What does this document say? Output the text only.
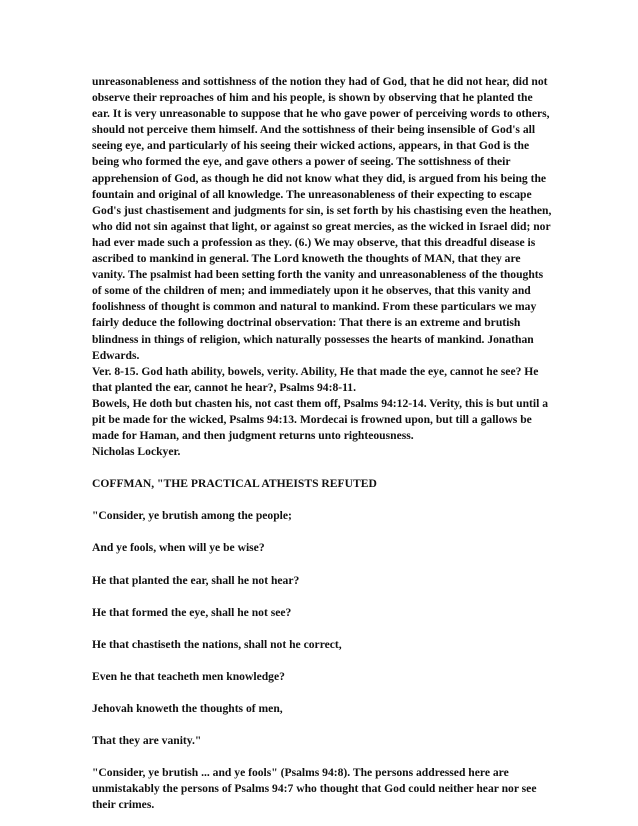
unreasonableness and sottishness of the notion they had of God, that he did not hear, did not observe their reproaches of him and his people, is shown by observing that he planted the ear. It is very unreasonable to suppose that he who gave power of perceiving words to others, should not perceive them himself. And the sottishness of their being insensible of God's all seeing eye, and particularly of his seeing their wicked actions, appears, in that God is the being who formed the eye, and gave others a power of seeing. The sottishness of their apprehension of God, as though he did not know what they did, is argued from his being the fountain and original of all knowledge. The unreasonableness of their expecting to escape God's just chastisement and judgments for sin, is set forth by his chastising even the heathen, who did not sin against that light, or against so great mercies, as the wicked in Israel did; nor had ever made such a profession as they. (6.) We may observe, that this dreadful disease is ascribed to mankind in general. The Lord knoweth the thoughts of MAN, that they are vanity. The psalmist had been setting forth the vanity and unreasonableness of the thoughts of some of the children of men; and immediately upon it he observes, that this vanity and foolishness of thought is common and natural to mankind. From these particulars we may fairly deduce the following doctrinal observation: That there is an extreme and brutish blindness in things of religion, which naturally possesses the hearts of mankind. Jonathan Edwards.

Ver. 8-15. God hath ability, bowels, verity. Ability, He that made the eye, cannot he see? He that planted the ear, cannot he hear?, Psalms 94:8-11.

Bowels, He doth but chasten his, not cast them off, Psalms 94:12-14. Verity, this is but until a pit be made for the wicked, Psalms 94:13. Mordecai is frowned upon, but till a gallows be made for Haman, and then judgment returns unto righteousness.

Nicholas Lockyer.

COFFMAN, "THE PRACTICAL ATHEISTS REFUTED

"Consider, ye brutish among the people;

And ye fools, when will ye be wise?

He that planted the ear, shall he not hear?

He that formed the eye, shall he not see?

He that chastiseth the nations, shall not he correct,

Even he that teacheth men knowledge?

Jehovah knoweth the thoughts of men,

That they are vanity."

"Consider, ye brutish ... and ye fools" (Psalms 94:8). The persons addressed here are unmistakably the persons of Psalms 94:7 who thought that God could neither hear nor see their crimes.
